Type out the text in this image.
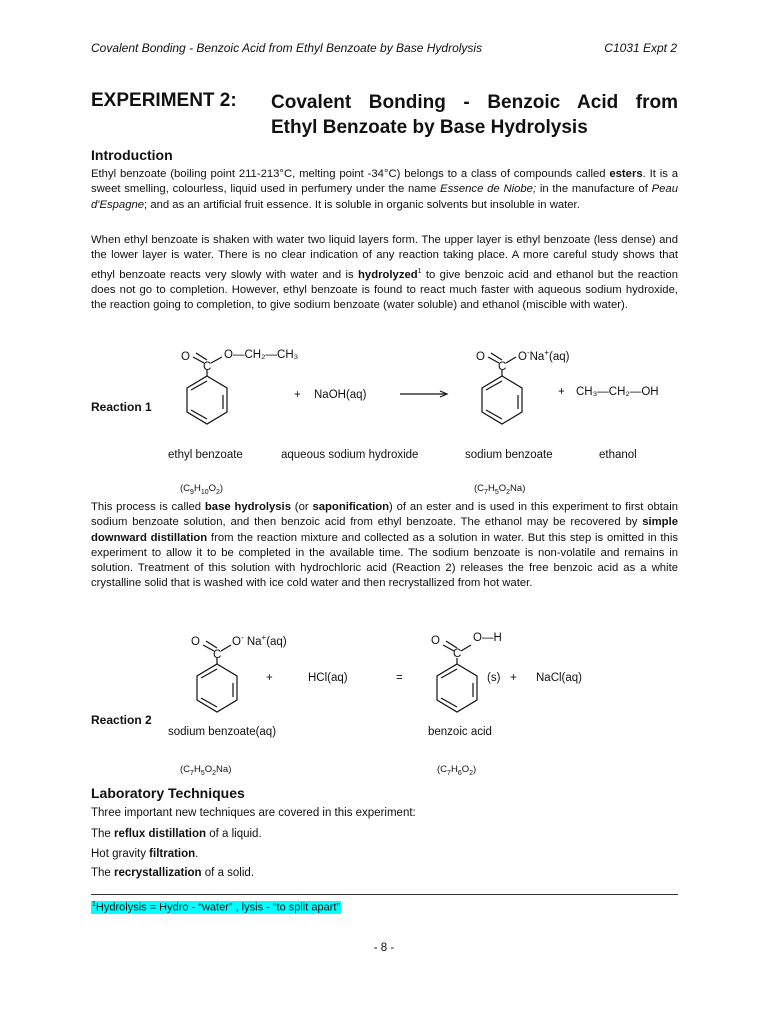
Covalent Bonding - Benzoic Acid from Ethyl Benzoate by Base Hydrolysis	C1031 Expt 2
EXPERIMENT 2: Covalent Bonding - Benzoic Acid from
Ethyl Benzoate by Base Hydrolysis
Introduction

Ethyl benzoate (boiling point 211-213°C, melting point -34°C) belongs to a class of compounds called esters. It is a sweet smelling, colourless, liquid used in perfumery under the name Essence de Niobe; in the manufacture of Peau d'Espagne; and as an artificial fruit essence. It is soluble in organic solvents but insoluble in water.

When ethyl benzoate is shaken with water two liquid layers form. The upper layer is ethyl benzoate (less dense) and the lower layer is water. There is no clear indication of any reaction taking place. A more careful study shows that ethyl benzoate reacts very slowly with water and is hydrolyzed$^1$ to give benzoic acid and ethanol but the reaction does not go to completion. However, ethyl benzoate is found to react much faster with aqueous sodium hydroxide, the reaction going to completion, to give sodium benzoate (water soluble) and ethanol (miscible with water).

O
C
O
C
O
C
O
C
O—CH₂—CH₃	O-Na+(aq)
+ NaOH(aq)	+ CH₃—CH₂—OH
Reaction 1
ethyl benzoate	aqueous sodium hydroxide	sodium benzoate	ethanol
$(C_9H_{10}O_2)$	$(C_7H_5O_2Na)$

This process is called base hydrolysis (or saponification) of an ester and is used in this experiment to first obtain sodium benzoate solution, and then benzoic acid from ethyl benzoate. The ethanol may be recovered by simple downward distillation from the reaction mixture and collected as a solution in water. But this step is omitted in this experiment to allow it to be completed in the available time. The sodium benzoate is non-volatile and remains in solution. Treatment of this solution with hydrochloric acid (Reaction 2) releases the free benzoic acid as a white crystalline solid that is washed with ice cold water and then recrystallized from hot water.

O- Na+(aq)	O—H
+	HCl(aq)	=	(s) + NaCl(aq)
Reaction 2
sodium benzoate(aq)	benzoic acid
$(C_7H_5O_2Na)$	$(C_7H_6O_2)$
Laboratory Techniques
Three important new techniques are covered in this experiment:
The reflux distillation of a liquid.
Hot gravity filtration.
The recrystallization of a solid.
$^1$Hydrolysis = Hydro - “water” , lysis - “to split apart”
- 8 -
